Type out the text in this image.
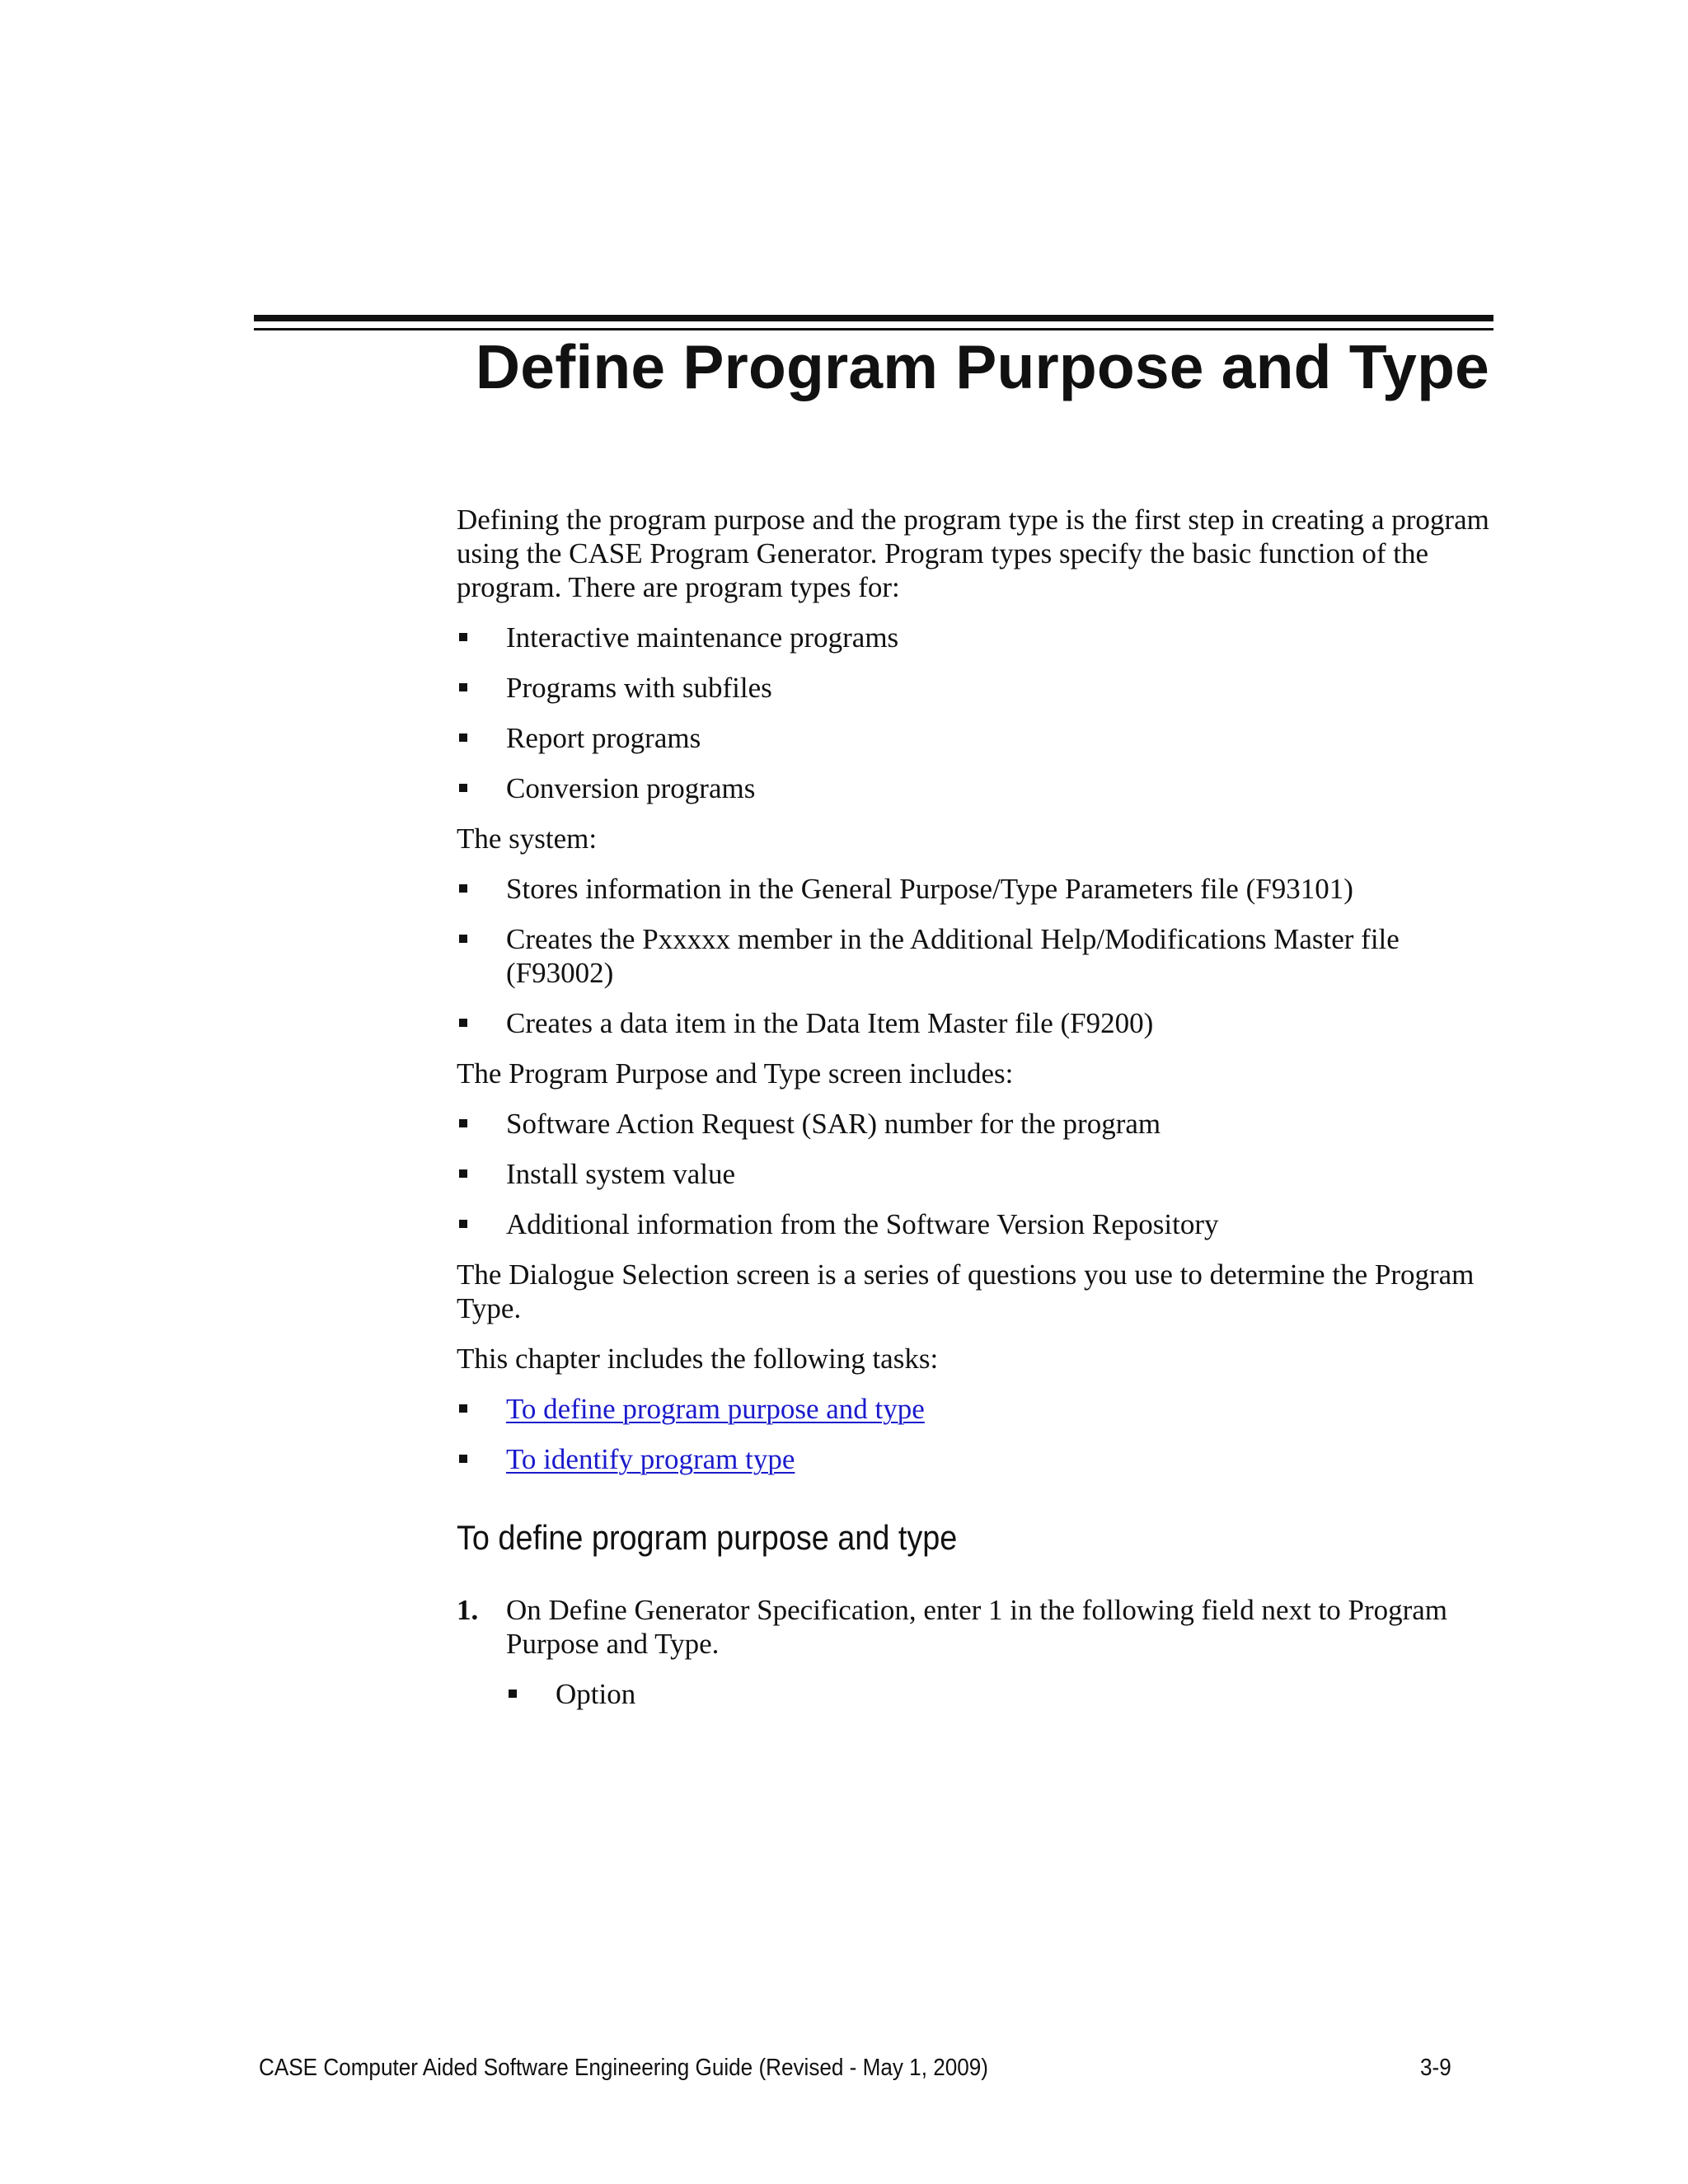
Define Program Purpose and Type

Defining the program purpose and the program type is the first step in creating a program using the CASE Program Generator. Program types specify the basic function of the program. There are program types for:

Interactive maintenance programs
Programs with subfiles
Report programs
Conversion programs

The system:

Stores information in the General Purpose/Type Parameters file (F93101)
Creates the Pxxxxx member in the Additional Help/Modifications Master file (F93002)
Creates a data item in the Data Item Master file (F9200)

The Program Purpose and Type screen includes:

Software Action Request (SAR) number for the program
Install system value
Additional information from the Software Version Repository

The Dialogue Selection screen is a series of questions you use to determine the Program Type.

This chapter includes the following tasks:

To define program purpose and type
To identify program type
To define program purpose and type
1. On Define Generator Specification, enter 1 in the following field next to Program Purpose and Type.
Option
CASE Computer Aided Software Engineering Guide (Revised - May 1, 2009)	3-9
